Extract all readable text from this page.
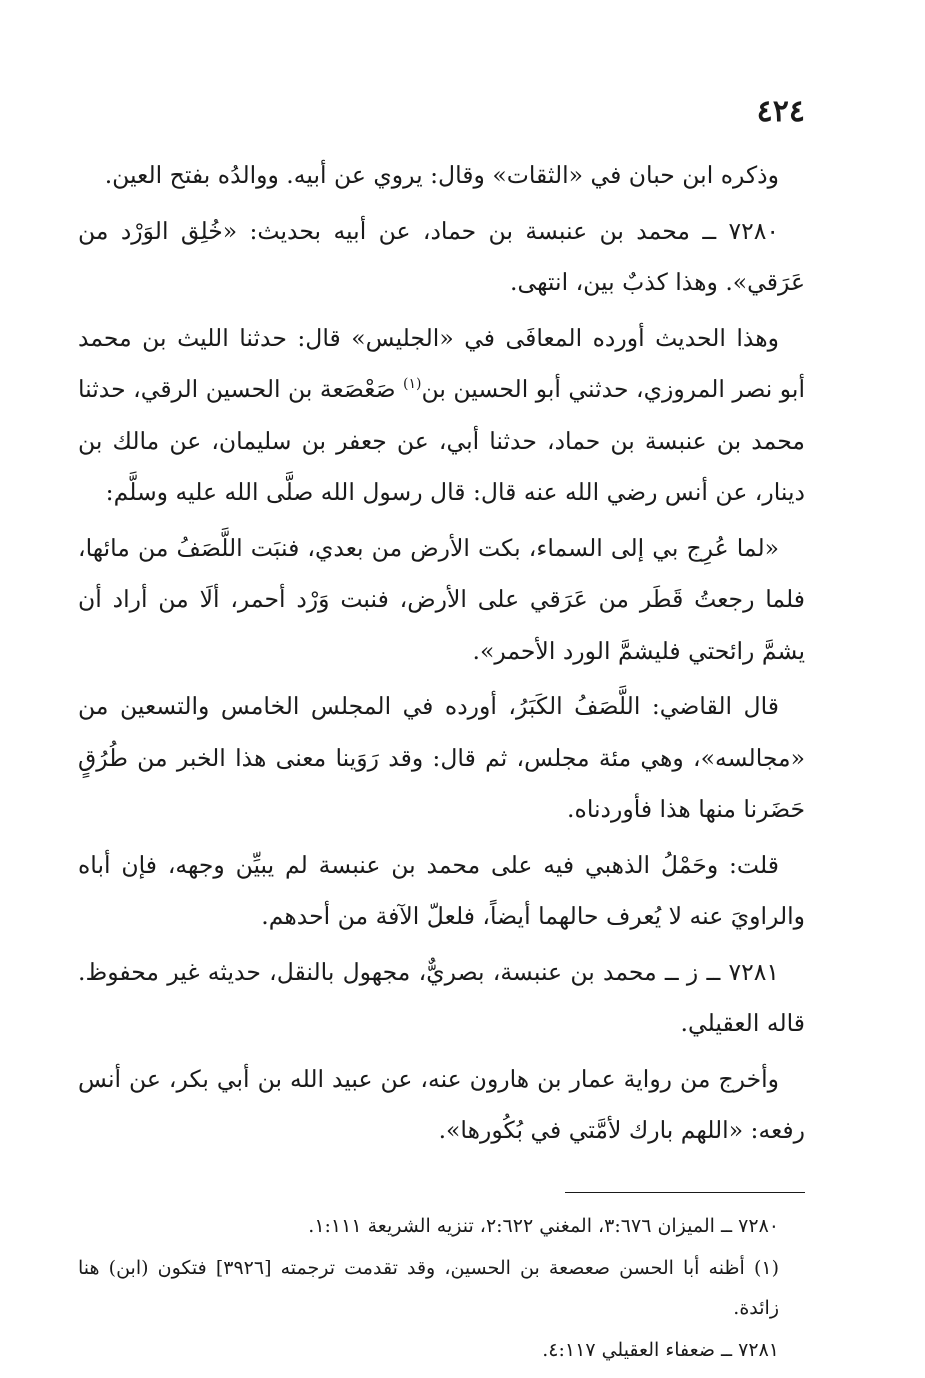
٤٢٤

وذكره ابن حبان في «الثقات» وقال: يروي عن أبيه. ووالدُه بفتح العين.

٧٢٨٠ ــ محمد بن عنبسة بن حماد، عن أبيه بحديث: «خُلِق الوَرْد من عَرَقي». وهذا كذبٌ بين، انتهى.

وهذا الحديث أورده المعافَى في «الجليس» قال: حدثنا الليث بن محمد أبو نصر المروزي، حدثني أبو الحسين بن$^{(١)}$ صَعْصَعة بن الحسين الرقي، حدثنا محمد بن عنبسة بن حماد، حدثنا أبي، عن جعفر بن سليمان، عن مالك بن دينار، عن أنس رضي الله عنه قال: قال رسول الله صلَّى الله عليه وسلَّم:

«لما عُرِج بي إلى السماء، بكت الأرض من بعدي، فنبَت اللَّصَفُ من مائها، فلما رجعتُ قَطَر من عَرَقي على الأرض، فنبت وَرْد أحمر، ألَا من أراد أن يشمَّ رائحتي فليشمَّ الورد الأحمر».

قال القاضي: اللَّصَفُ الكَبَرُ، أورده في المجلس الخامس والتسعين من «مجالسه»، وهي مئة مجلس، ثم قال: وقد رَوَينا معنى هذا الخبر من طُرُقٍ حَضَرنا منها هذا فأوردناه.

قلت: وحَمْلُ الذهبي فيه على محمد بن عنبسة لم يبيِّن وجهه، فإن أباه والراويَ عنه لا يُعرف حالهما أيضاً، فلعلّ الآفة من أحدهم.

٧٢٨١ ــ ز ــ محمد بن عنبسة، بصريٌّ، مجهول بالنقل، حديثه غير محفوظ. قاله العقيلي.

وأخرج من رواية عمار بن هارون عنه، عن عبيد الله بن أبي بكر، عن أنس رفعه: «اللهم بارك لأمَّتي في بُكُورها».

٧٢٨٠ ــ الميزان ٣:٦٧٦، المغني ٢:٦٢٢، تنزيه الشريعة ١:١١١.

(١) أظنه أبا الحسن صعصعة بن الحسين، وقد تقدمت ترجمته [٣٩٢٦] فتكون (ابن) هنا زائدة.

٧٢٨١ ــ ضعفاء العقيلي ٤:١١٧.
